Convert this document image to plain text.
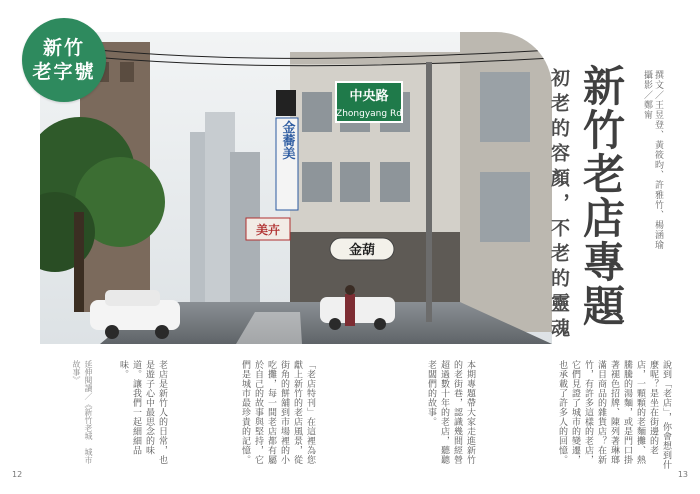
中央路
Zhongyang Rd
金葫
金蕎美
美卉
新竹
老字號	新竹老店專題
初老的容顏，不老的靈魂	撰文／王昱登、黃筱昀、許雅竹、楊涵瑜
攝影／鄭甯
說到「老店」，你會想到什麼呢？是坐在街邊的老店，一顆顆的老麵攤、熱騰騰的湯麵，或是門口掛著褪色招牌、陳列著琳瑯滿目商品的雜貨店？在新竹，有許多這樣的老店，它們見證了城市的變遷，也承載了許多人的回憶。
本期專題帶大家走進新竹的老街巷，認識幾間經營超過數十年的老店，聽聽老闆們的故事。
「老店特刊」在這裡為您獻上新竹的老店風景，從街角的餅舖到市場裡的小吃攤，每一間老店都有屬於自己的故事與堅持，它們是城市最珍貴的記憶。
老店是新竹人的日常，也是遊子心中最思念的味道。讓我們一起細細品味。
延伸閱讀／《新竹老城　城市故事》
12	13
